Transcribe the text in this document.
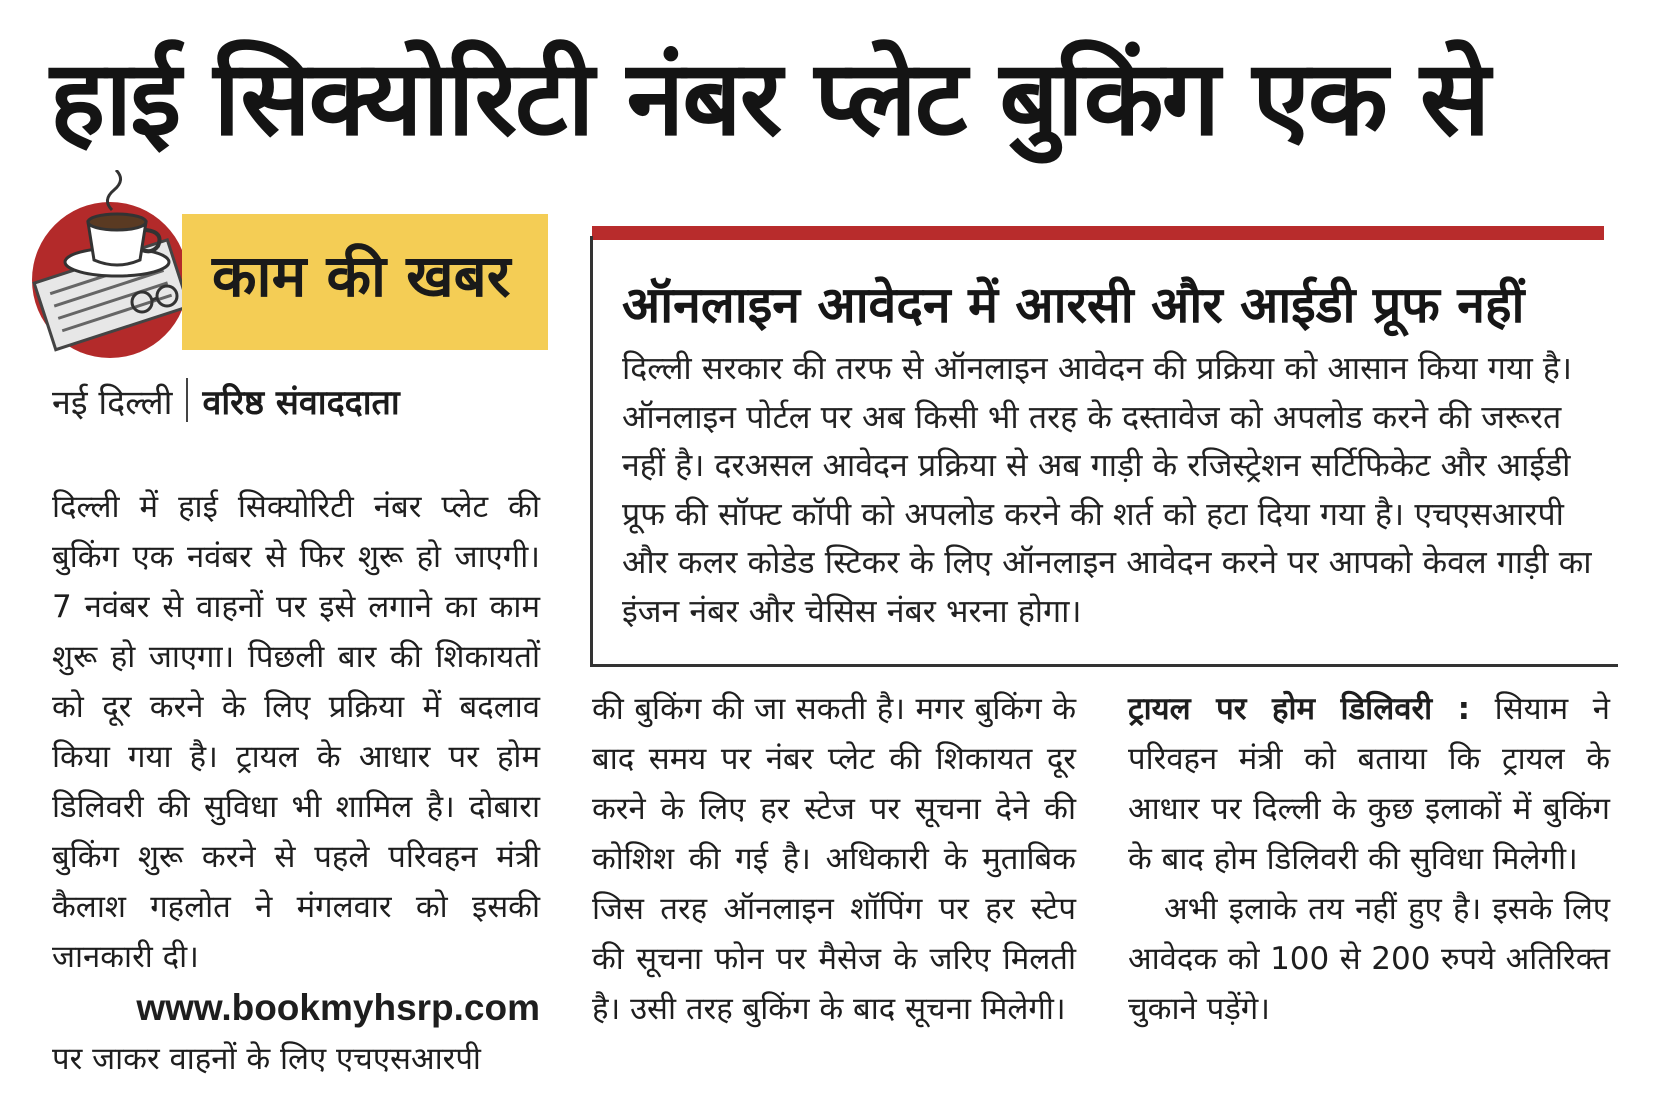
हाई सिक्योरिटी नंबर प्लेट बुकिंग एक से
काम की खबर
नई दिल्ली वरिष्ठ संवाददाता
दिल्ली में हाई सिक्योरिटी नंबर प्लेट की बुकिंग एक नवंबर से फिर शुरू हो जाएगी। 7 नवंबर से वाहनों पर इसे लगाने का काम शुरू हो जाएगा। पिछली बार की शिकायतों को दूर करने के लिए प्रक्रिया में बदलाव किया गया है। ट्रायल के आधार पर होम डिलिवरी की सुविधा भी शामिल है। दोबारा बुकिंग शुरू करने से पहले परिवहन मंत्री कैलाश गहलोत ने मंगलवार को इसकी जानकारी दी।
www.bookmyhsrp.com
पर जाकर वाहनों के लिए एचएसआरपी
ऑनलाइन आवेदन में आरसी और आईडी प्रूफ नहीं
दिल्ली सरकार की तरफ से ऑनलाइन आवेदन की प्रक्रिया को आसान किया गया है। ऑनलाइन पोर्टल पर अब किसी भी तरह के दस्तावेज को अपलोड करने की जरूरत नहीं है। दरअसल आवेदन प्रक्रिया से अब गाड़ी के रजिस्ट्रेशन सर्टिफिकेट और आईडी प्रूफ की सॉफ्ट कॉपी को अपलोड करने की शर्त को हटा दिया गया है। एचएसआरपी और कलर कोडेड स्टिकर के लिए ऑनलाइन आवेदन करने पर आपको केवल गाड़ी का इंजन नंबर और चेसिस नंबर भरना होगा।
की बुकिंग की जा सकती है। मगर बुकिंग के बाद समय पर नंबर प्लेट की शिकायत दूर करने के लिए हर स्टेज पर सूचना देने की कोशिश की गई है। अधिकारी के मुताबिक जिस तरह ऑनलाइन शॉपिंग पर हर स्टेप की सूचना फोन पर मैसेज के जरिए मिलती है। उसी तरह बुकिंग के बाद सूचना मिलेगी।
ट्रायल पर होम डिलिवरी : सियाम ने परिवहन मंत्री को बताया कि ट्रायल के आधार पर दिल्ली के कुछ इलाकों में बुकिंग के बाद होम डिलिवरी की सुविधा मिलेगी।
अभी इलाके तय नहीं हुए है। इसके लिए आवेदक को 100 से 200 रुपये अतिरिक्त चुकाने पड़ेंगे।
